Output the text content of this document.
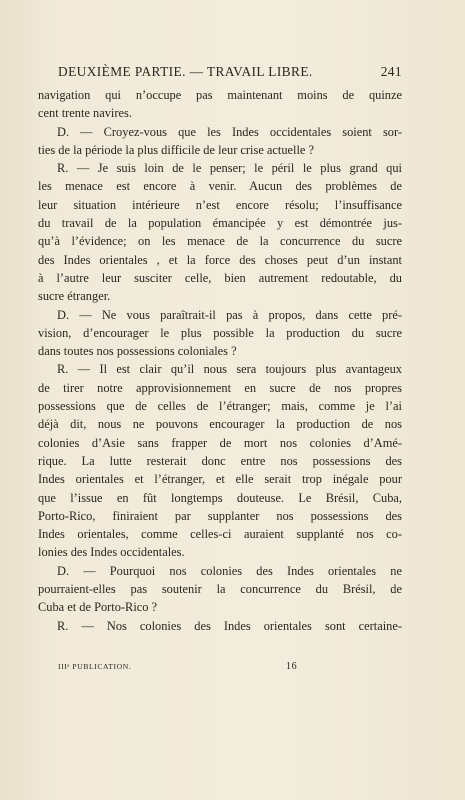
DEUXIÈME PARTIE. — TRAVAIL LIBRE.	241
navigation qui n’occupe pas maintenant moins de quinze
cent trente navires.
D. — Croyez-vous que les Indes occidentales soient sor-
ties de la période la plus difficile de leur crise actuelle ?
R. — Je suis loin de le penser; le péril le plus grand qui
les menace est encore à venir. Aucun des problèmes de
leur situation intérieure n’est encore résolu; l’insuffisance
du travail de la population émancipée y est démontrée jus-
qu’à l’évidence; on les menace de la concurrence du sucre
des Indes orientales , et la force des choses peut d’un instant
à l’autre leur susciter celle, bien autrement redoutable, du
sucre étranger.
D. — Ne vous paraîtrait-il pas à propos, dans cette pré-
vision, d’encourager le plus possible la production du sucre
dans toutes nos possessions coloniales ?
R. — Il est clair qu’il nous sera toujours plus avantageux
de tirer notre approvisionnement en sucre de nos propres
possessions que de celles de l’étranger; mais, comme je l’ai
déjà dit, nous ne pouvons encourager la production de nos
colonies d’Asie sans frapper de mort nos colonies d’Amé-
rique. La lutte resterait donc entre nos possessions des
Indes orientales et l’étranger, et elle serait trop inégale pour
que l’issue en fût longtemps douteuse. Le Brésil, Cuba,
Porto-Rico, finiraient par supplanter nos possessions des
Indes orientales, comme celles-ci auraient supplanté nos co-
lonies des Indes occidentales.
D. — Pourquoi nos colonies des Indes orientales ne
pourraient-elles pas soutenir la concurrence du Brésil, de
Cuba et de Porto-Rico ?
R. — Nos colonies des Indes orientales sont certaine-
IIIᵉ PUBLICATION.	16
